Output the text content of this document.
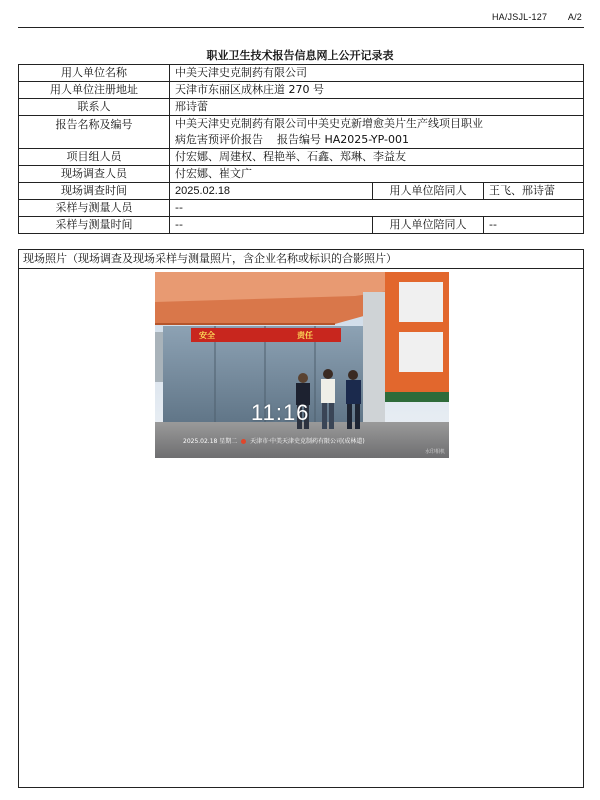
HA/JSJL-127 A/2
职业卫生技术报告信息网上公开记录表
用人单位名称	中美天津史克制药有限公司		
用人单位注册地址	天津市东丽区成林庄道 270 号		
联系人	邢诗蕾		
报告名称及编号	中美天津史克制药有限公司中美史克新增愈美片生产线项目职业
病危害预评价报告    报告编号 HA2025-YP-001		

项目组人员	付宏娜、周建权、程艳举、石鑫、郑琳、李益友		
现场调查人员	付宏娜、崔文广		
现场调查时间	2025.02.18	用人单位陪同人	王飞、邢诗蕾
采样与测量人员	--		
采样与测量时间	--	用人单位陪同人	--
现场照片（现场调查及现场采样与测量照片，含企业名称或标识的合影照片）
安全	责任
11:16
2025.02.18 星期二 天津市·中美天津史克制药有限公司(成林道)
水印相机
